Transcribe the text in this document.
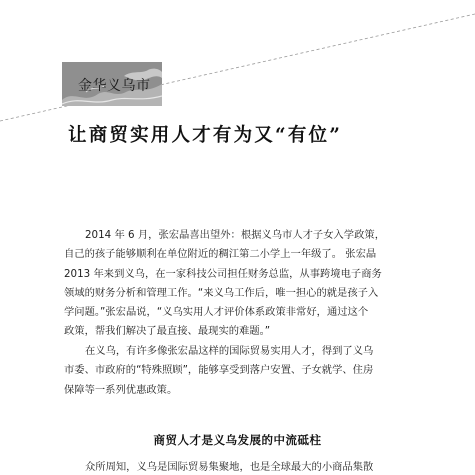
金华义乌市
让商贸实用人才有为又“有位”
2014 年 6 月，张宏晶喜出望外：根据义乌市人才子女入学政策，
自己的孩子能够顺利在单位附近的稠江第二小学上一年级了。 张宏晶
2013 年来到义乌，在一家科技公司担任财务总监，从事跨境电子商务
领域的财务分析和管理工作。“来义乌工作后，唯一担心的就是孩子入
学问题。”张宏晶说，“义乌实用人才评价体系政策非常好，通过这个
政策，帮我们解决了最直接、最现实的难题。”
在义乌，有许多像张宏晶这样的国际贸易实用人才，得到了义乌
市委、市政府的“特殊照顾”，能够享受到落户安置、子女就学、住房
保障等一系列优惠政策。
商贸人才是义乌发展的中流砥柱
众所周知，义乌是国际贸易集聚地，也是全球最大的小商品集散
